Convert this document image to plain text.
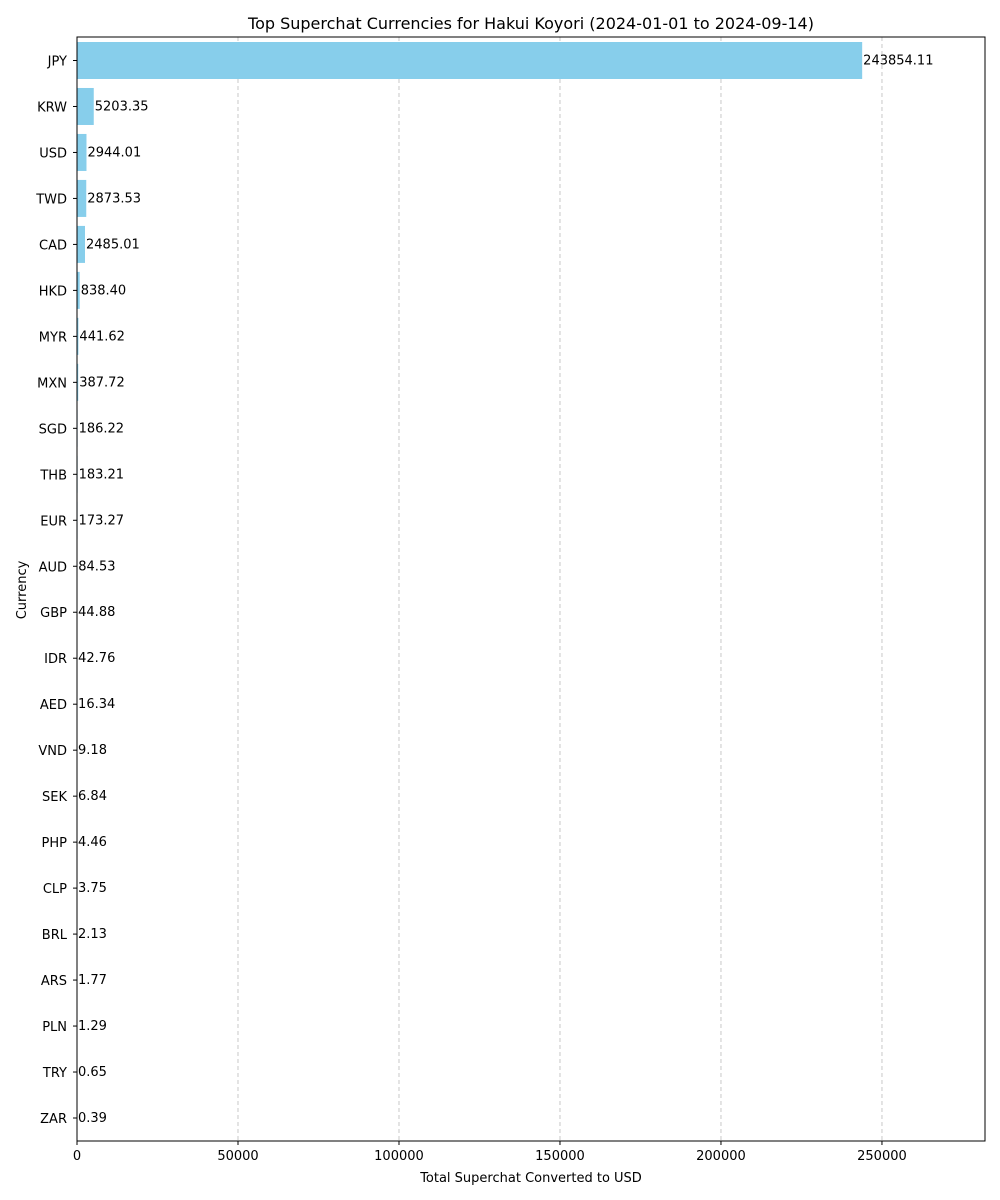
0	50000	100000	150000	200000	250000
JPY
KRW
USD
TWD
CAD
HKD
MYR
MXN
SGD
THB
EUR
AUD
GBP
IDR
AED
VND
SEK
PHP
CLP
BRL
ARS
PLN
TRY
ZAR
243854.11
5203.35
2944.01
2873.53
2485.01
838.40
441.62
387.72
186.22
183.21
173.27
84.53
44.88
42.76
16.34
9.18
6.84
4.46
3.75
2.13
1.77
1.29
0.65
0.39
Top Superchat Currencies for Hakui Koyori (2024-01-01 to 2024-09-14)
Total Superchat Converted to USD
Currency
